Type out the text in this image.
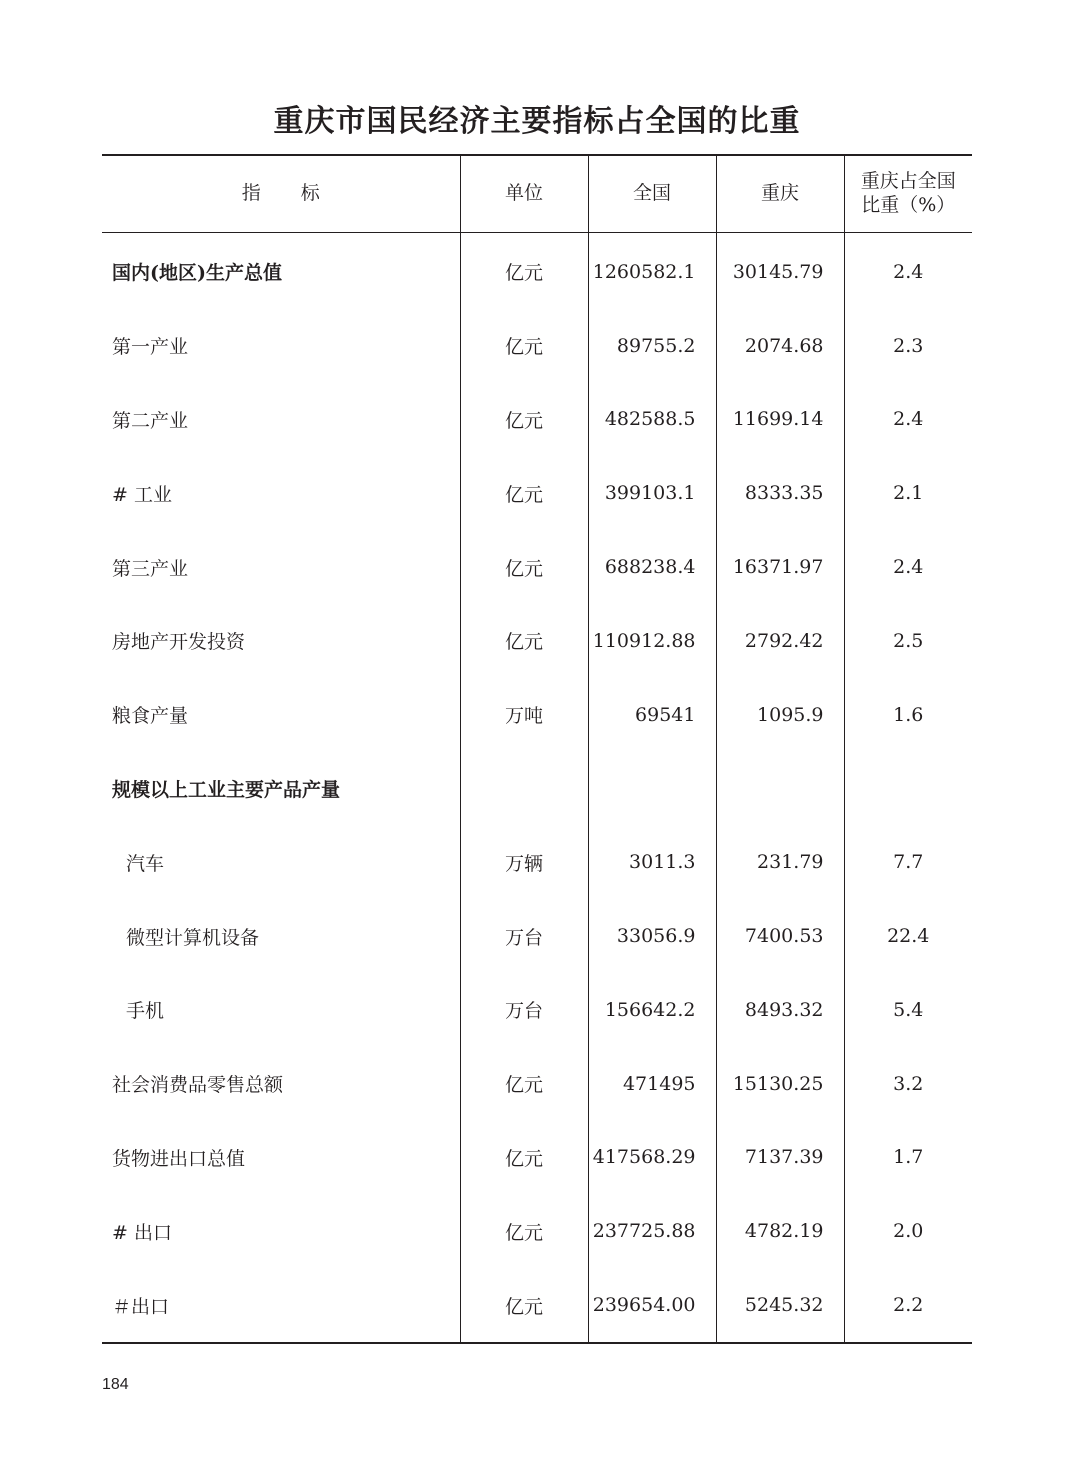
重庆市国民经济主要指标占全国的比重
指标	单位	全国	重庆	重庆占全国
比重（%）

国内(地区)生产总值	亿元	1260582.1	30145.79	2.4
第一产业	亿元	89755.2	2074.68	2.3
第二产业	亿元	482588.5	11699.14	2.4
# 工业	亿元	399103.1	8333.35	2.1
第三产业	亿元	688238.4	16371.97	2.4
房地产开发投资	亿元	110912.88	2792.42	2.5
粮食产量	万吨	69541	1095.9	1.6
规模以上工业主要产品产量				
汽车	万辆	3011.3	231.79	7.7
微型计算机设备	万台	33056.9	7400.53	22.4
手机	万台	156642.2	8493.32	5.4
社会消费品零售总额	亿元	471495	15130.25	3.2
货物进出口总值	亿元	417568.29	7137.39	1.7
# 出口	亿元	237725.88	4782.19	2.0
＃出口	亿元	239654.00	5245.32	2.2
184
